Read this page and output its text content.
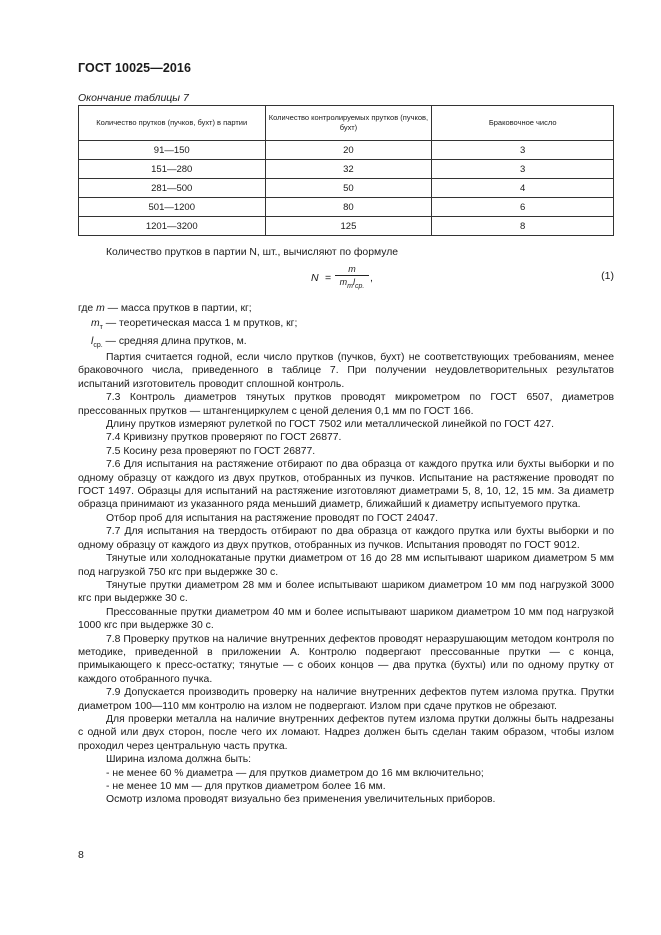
ГОСТ 10025—2016
Окончание таблицы 7
Количество прутков (пучков, бухт) в партии	Количество контролируемых прутков (пучков, бухт)	Браковочное число
91—150	20	3
151—280	32	3
281—500	50	4
501—1200	80	6
1201—3200	125	8

Количество прутков в партии N, шт., вычисляют по формуле

N =
m
$m_тl_{ср.}$
,	(1)
где m — масса прутков в партии, кг;
$m_т$ — теоретическая масса 1 м прутков, кг;
$l_{ср.}$ — средняя длина прутков, м.

Партия считается годной, если число прутков (пучков, бухт) не соответствующих требованиям, менее браковочного числа, приведенного в таблице 7. При получении неудовлетворительных результатов испытаний изготовитель проводит сплошной контроль.

7.3 Контроль диаметров тянутых прутков проводят микрометром по ГОСТ 6507, диаметров прессованных прутков — штангенциркулем с ценой деления 0,1 мм по ГОСТ 166.

Длину прутков измеряют рулеткой по ГОСТ 7502 или металлической линейкой по ГОСТ 427.

7.4 Кривизну прутков проверяют по ГОСТ 26877.

7.5 Косину реза проверяют по ГОСТ 26877.

7.6 Для испытания на растяжение отбирают по два образца от каждого прутка или бухты выборки и по одному образцу от каждого из двух прутков, отобранных из пучков. Испытание на растяжение проводят по ГОСТ 1497. Образцы для испытаний на растяжение изготовляют диаметрами 5, 8, 10, 12, 15 мм. За диаметр образца принимают из указанного ряда меньший диаметр, ближайший к диаметру испытуемого прутка.

Отбор проб для испытания на растяжение проводят по ГОСТ 24047.

7.7 Для испытания на твердость отбирают по два образца от каждого прутка или бухты выборки и по одному образцу от каждого из двух прутков, отобранных из пучков. Испытания проводят по ГОСТ 9012.

Тянутые или холоднокатаные прутки диаметром от 16 до 28 мм испытывают шариком диаметром 5 мм под нагрузкой 750 кгс при выдержке 30 с.

Тянутые прутки диаметром 28 мм и более испытывают шариком диаметром 10 мм под нагрузкой 3000 кгс при выдержке 30 с.

Прессованные прутки диаметром 40 мм и более испытывают шариком диаметром 10 мм под нагрузкой 1000 кгс при выдержке 30 с.

7.8 Проверку прутков на наличие внутренних дефектов проводят неразрушающим методом контроля по методике, приведенной в приложении А. Контролю подвергают прессованные прутки — с конца, примыкающего к пресс-остатку; тянутые — с обоих концов — два прутка (бухты) или по одному прутку от каждого отобранного пучка.

7.9 Допускается производить проверку на наличие внутренних дефектов путем излома прутка. Прутки диаметром 100—110 мм контролю на излом не подвергают. Излом при сдаче прутков не обрезают.

Для проверки металла на наличие внутренних дефектов путем излома прутки должны быть надрезаны с одной или двух сторон, после чего их ломают. Надрез должен быть сделан таким образом, чтобы излом проходил через центральную часть прутка.

Ширина излома должна быть:

- не менее 60 % диаметра — для прутков диаметром до 16 мм включительно;

- не менее 10 мм — для прутков диаметром более 16 мм.

Осмотр излома проводят визуально без применения увеличительных приборов.

8
